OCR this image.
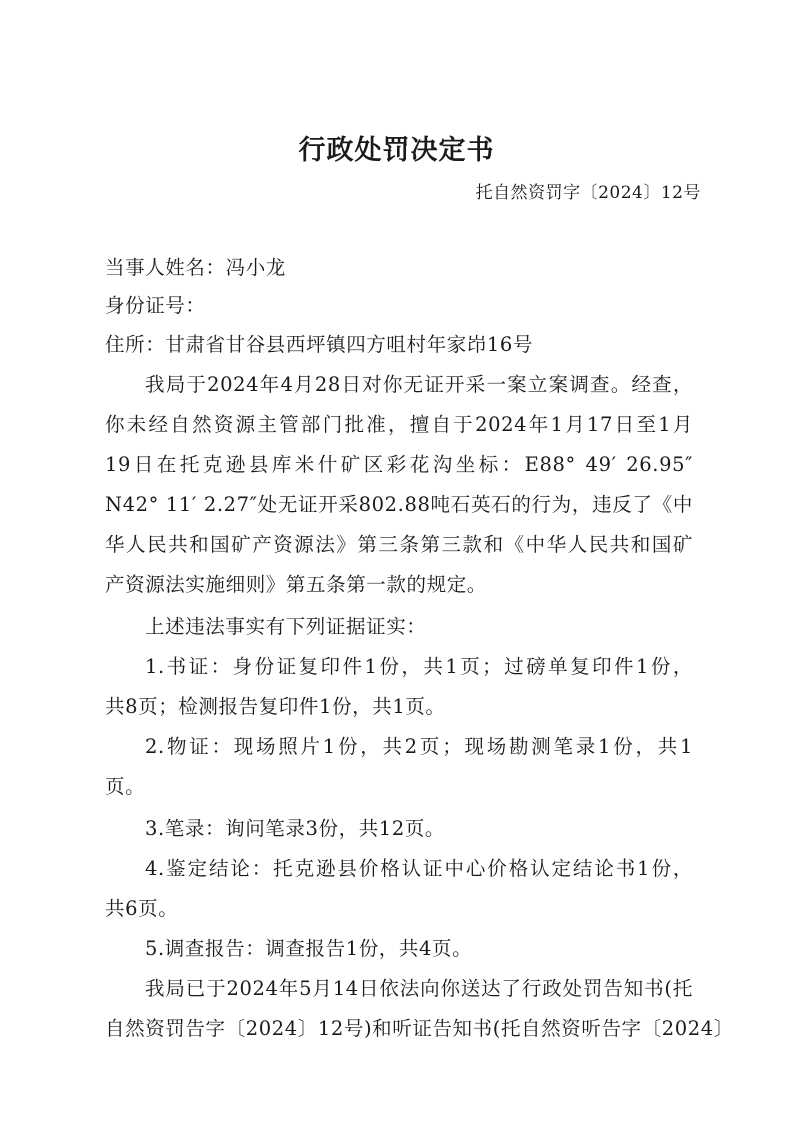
行政处罚决定书
托自然资罚字〔2024〕12号
当事人姓名：冯小龙
身份证号：
住所：甘肃省甘谷县西坪镇四方咀村年家岇16号
我局于2024年4月28日对你无证开采一案立案调查。经查，
你未经自然资源主管部门批准，擅自于2024年1月17日至1月
19日在托克逊县库米什矿区彩花沟坐标：E88° 49′ 26.95″
N42° 11′ 2.27″处无证开采802.88吨石英石的行为，违反了《中
华人民共和国矿产资源法》第三条第三款和《中华人民共和国矿
产资源法实施细则》第五条第一款的规定。
上述违法事实有下列证据证实：
1.书证：身份证复印件1份，共1页；过磅单复印件1份，
共8页；检测报告复印件1份，共1页。
2.物证：现场照片1份，共2页；现场勘测笔录1份，共1
页。
3.笔录：询问笔录3份，共12页。
4.鉴定结论：托克逊县价格认证中心价格认定结论书1份，
共6页。
5.调查报告：调查报告1份，共4页。
我局已于2024年5月14日依法向你送达了行政处罚告知书(托
自然资罚告字〔2024〕12号)和听证告知书(托自然资听告字〔2024〕
